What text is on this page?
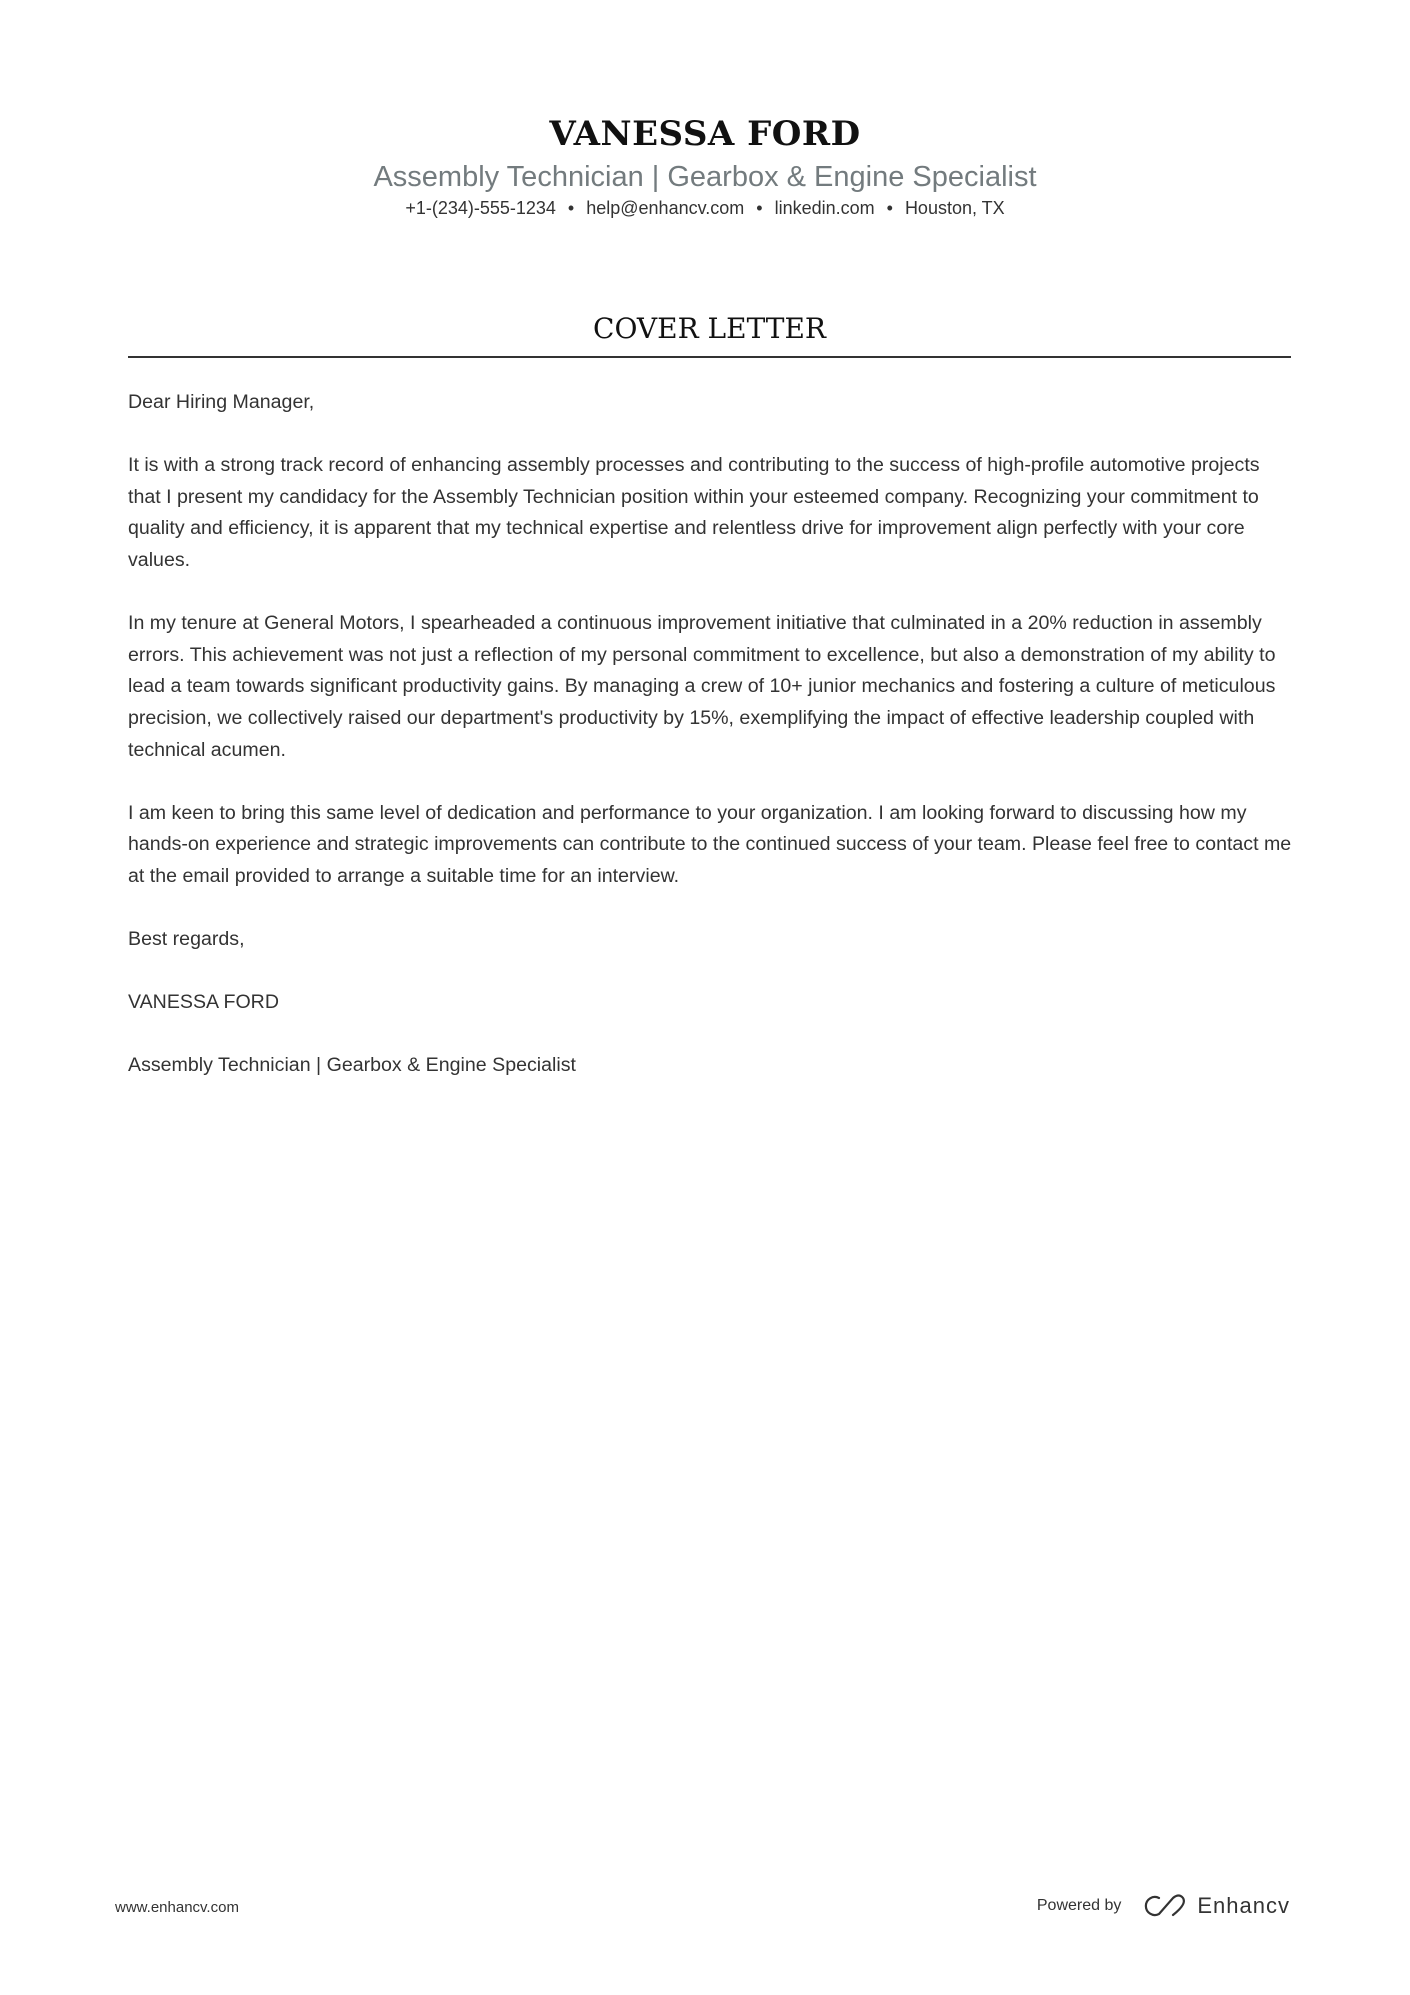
VANESSA FORD
Assembly Technician | Gearbox & Engine Specialist
+1-(234)-555-1234 • help@enhancv.com • linkedin.com • Houston, TX
COVER LETTER

Dear Hiring Manager,

It is with a strong track record of enhancing assembly processes and contributing to the success of high-profile automotive projects that I present my candidacy for the Assembly Technician position within your esteemed company. Recognizing your commitment to quality and efficiency, it is apparent that my technical expertise and relentless drive for improvement align perfectly with your core values.

In my tenure at General Motors, I spearheaded a continuous improvement initiative that culminated in a 20% reduction in assembly errors. This achievement was not just a reflection of my personal commitment to excellence, but also a demonstration of my ability to lead a team towards significant productivity gains. By managing a crew of 10+ junior mechanics and fostering a culture of meticulous precision, we collectively raised our department's productivity by 15%, exemplifying the impact of effective leadership coupled with technical acumen.

I am keen to bring this same level of dedication and performance to your organization. I am looking forward to discussing how my hands-on experience and strategic improvements can contribute to the continued success of your team. Please feel free to contact me at the email provided to arrange a suitable time for an interview.

Best regards,

VANESSA FORD

Assembly Technician | Gearbox & Engine Specialist

www.enhancv.com	Powered by	Enhancv
